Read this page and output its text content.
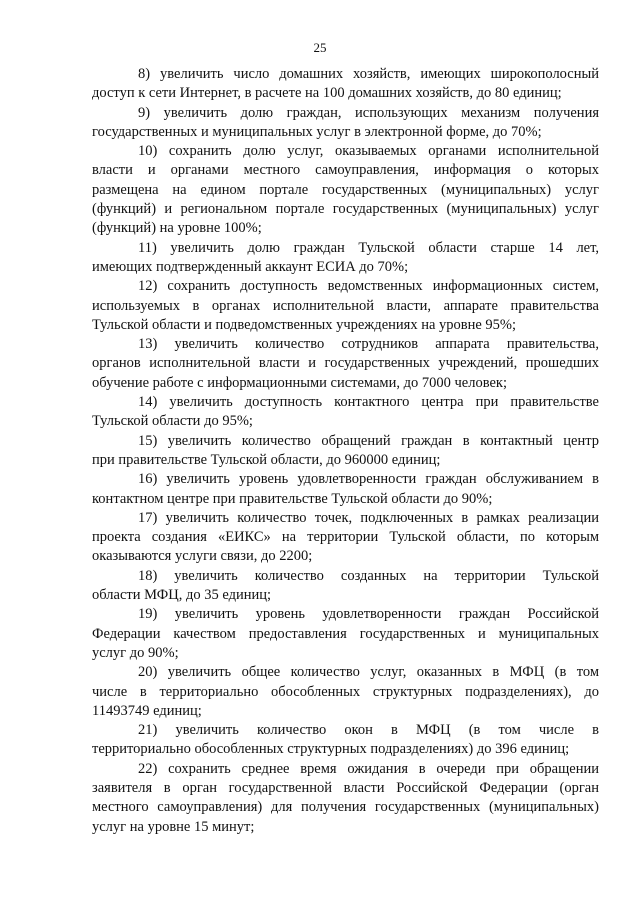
25
8) увеличить число домашних хозяйств, имеющих широкополосный
доступ к сети Интернет, в расчете на 100 домашних хозяйств, до 80 единиц;
9) увеличить долю граждан, использующих механизм получения
государственных и муниципальных услуг в электронной форме, до 70%;
10) сохранить долю услуг, оказываемых органами исполнительной
власти и органами местного самоуправления, информация о которых
размещена на едином портале государственных (муниципальных) услуг
(функций) и региональном портале государственных (муниципальных) услуг
(функций) на уровне 100%;
11) увеличить долю граждан Тульской области старше 14 лет,
имеющих подтвержденный аккаунт ЕСИА до 70%;
12) сохранить доступность ведомственных информационных систем,
используемых в органах исполнительной власти, аппарате правительства
Тульской области и подведомственных учреждениях на уровне 95%;
13) увеличить количество сотрудников аппарата правительства,
органов исполнительной власти и государственных учреждений, прошедших
обучение работе с информационными системами, до 7000 человек;
14) увеличить доступность контактного центра при правительстве
Тульской области до 95%;
15) увеличить количество обращений граждан в контактный центр
при правительстве Тульской области, до 960000 единиц;
16) увеличить уровень удовлетворенности граждан обслуживанием в
контактном центре при правительстве Тульской области до 90%;
17) увеличить количество точек, подключенных в рамках реализации
проекта создания «ЕИКС» на территории Тульской области, по которым
оказываются услуги связи, до 2200;
18) увеличить количество созданных на территории Тульской
области МФЦ, до 35 единиц;
19) увеличить уровень удовлетворенности граждан Российской
Федерации качеством предоставления государственных и муниципальных
услуг до 90%;
20) увеличить общее количество услуг, оказанных в МФЦ (в том
числе в территориально обособленных структурных подразделениях), до
11493749 единиц;
21) увеличить количество окон в МФЦ (в том числе в
территориально обособленных структурных подразделениях) до 396 единиц;
22) сохранить среднее время ожидания в очереди при обращении
заявителя в орган государственной власти Российской Федерации (орган
местного самоуправления) для получения государственных (муниципальных)
услуг на уровне 15 минут;
